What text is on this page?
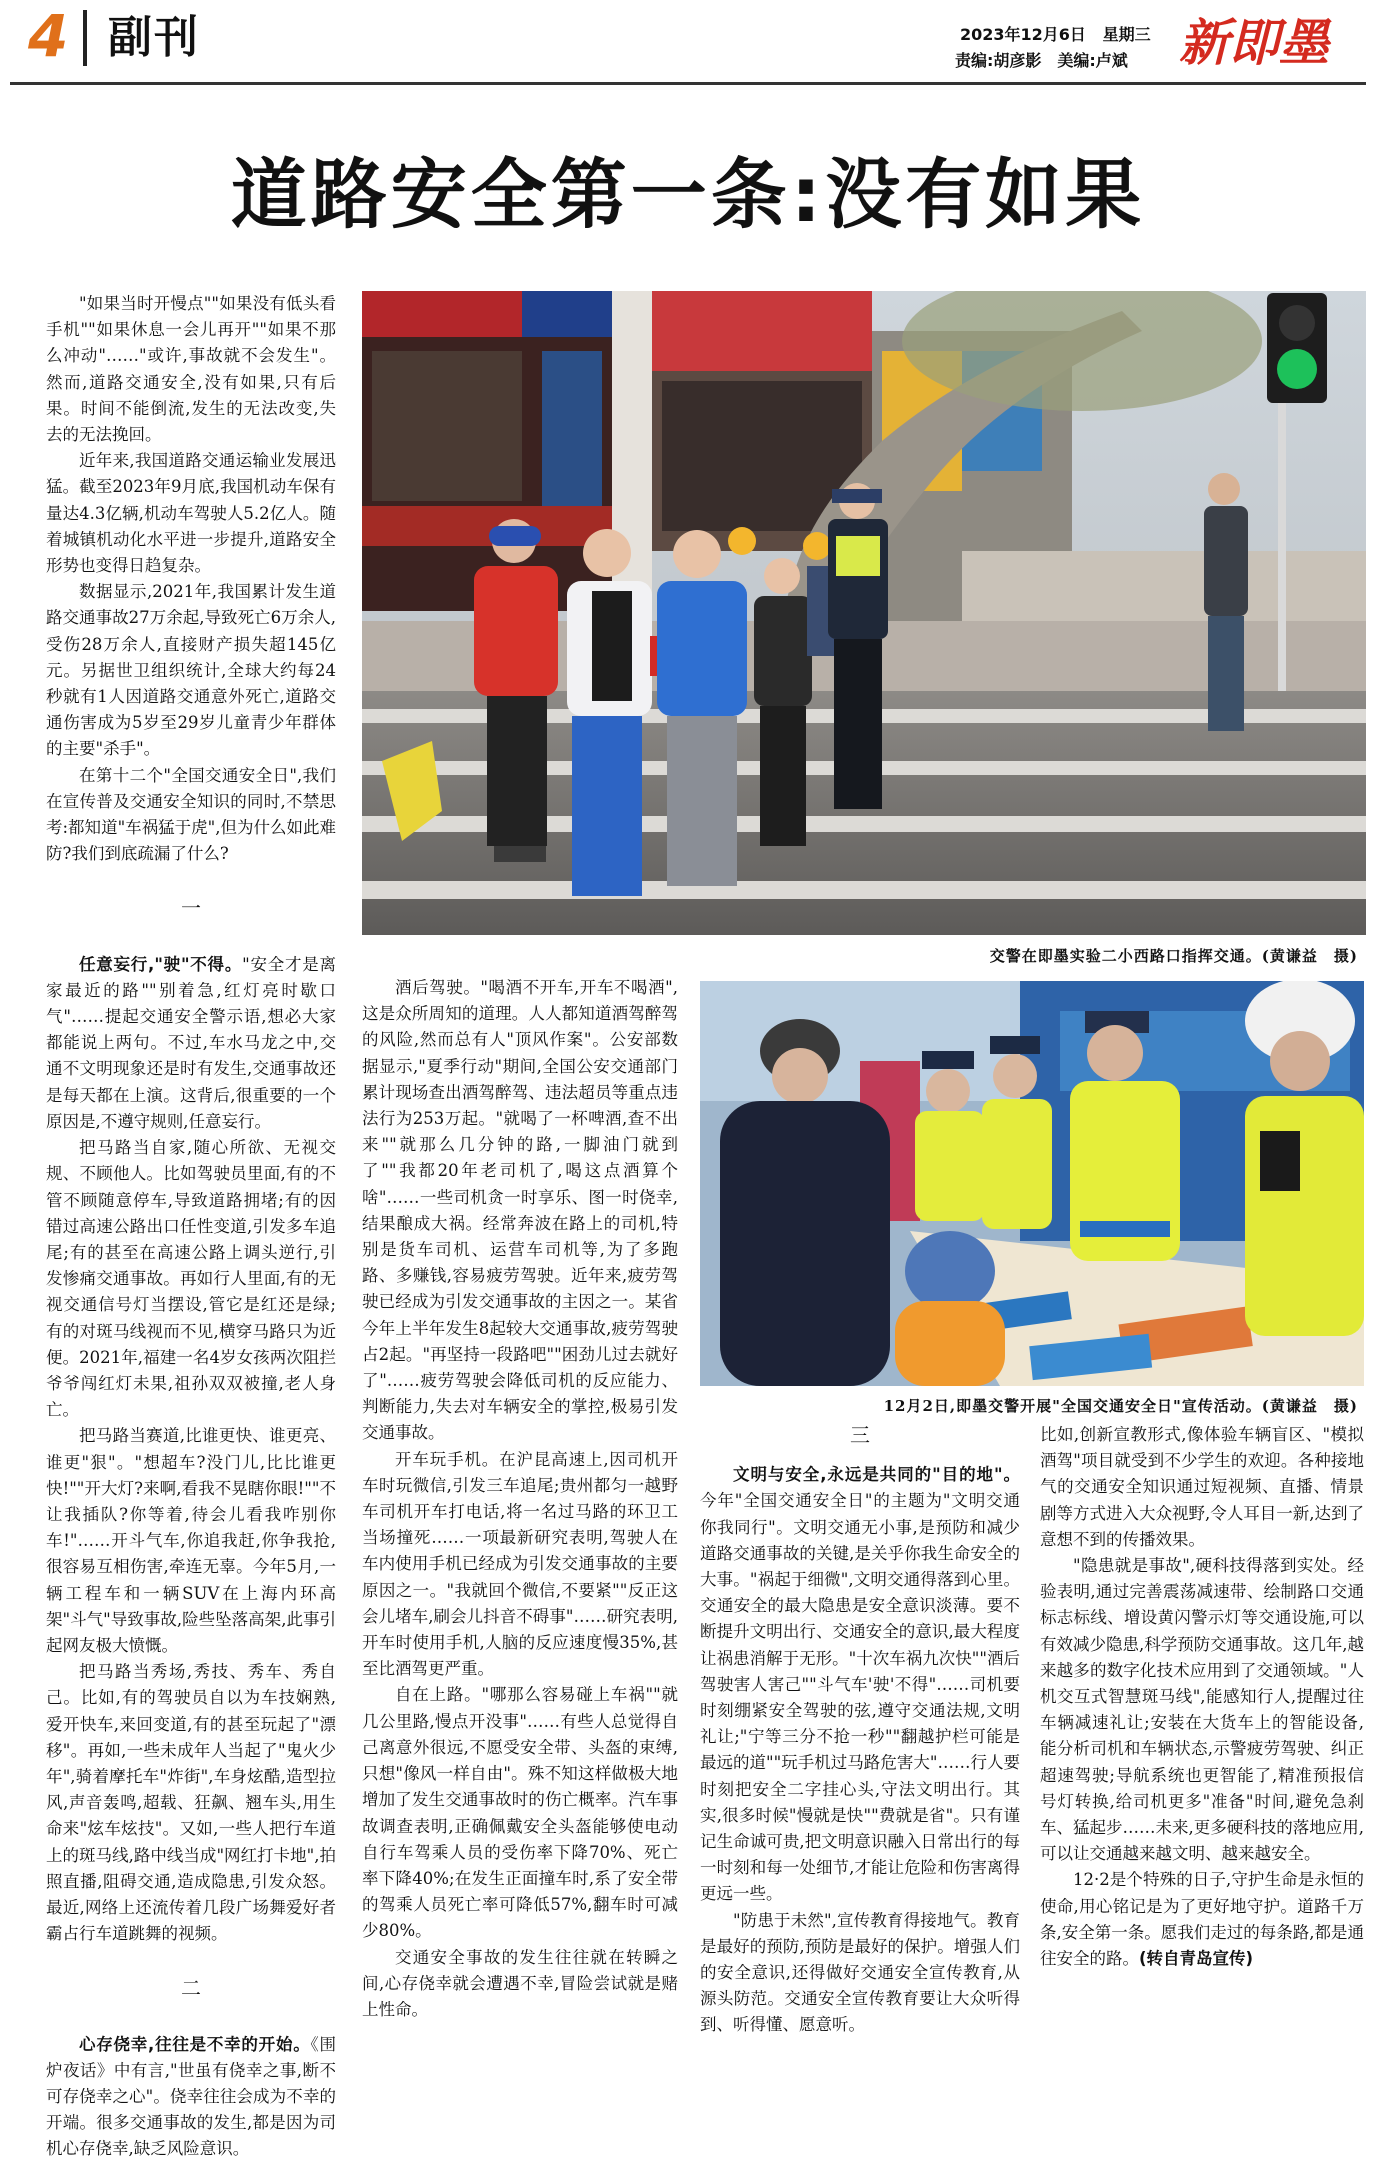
4 副刊	2023年12月6日 星期三
责编:胡彦影　美编:卢斌 新即墨
道路安全第一条:没有如果
交警在即墨实验二小西路口指挥交通。(黄谦益　摄)
12月2日,即墨交警开展"全国交通安全日"宣传活动。(黄谦益　摄)

"如果当时开慢点""如果没有低头看手机""如果休息一会儿再开""如果不那么冲动"……"或许,事故就不会发生"。然而,道路交通安全,没有如果,只有后果。时间不能倒流,发生的无法改变,失去的无法挽回。

近年来,我国道路交通运输业发展迅猛。截至2023年9月底,我国机动车保有量达4.3亿辆,机动车驾驶人5.2亿人。随着城镇机动化水平进一步提升,道路安全形势也变得日趋复杂。

数据显示,2021年,我国累计发生道路交通事故27万余起,导致死亡6万余人,受伤28万余人,直接财产损失超145亿元。另据世卫组织统计,全球大约每24秒就有1人因道路交通意外死亡,道路交通伤害成为5岁至29岁儿童青少年群体的主要"杀手"。

在第十二个"全国交通安全日",我们在宣传普及交通安全知识的同时,不禁思考:都知道"车祸猛于虎",但为什么如此难防?我们到底疏漏了什么?

一

任意妄行,"驶"不得。"安全才是离家最近的路""别着急,红灯亮时歇口气"……提起交通安全警示语,想必大家都能说上两句。不过,车水马龙之中,交通不文明现象还是时有发生,交通事故还是每天都在上演。这背后,很重要的一个原因是,不遵守规则,任意妄行。

把马路当自家,随心所欲、无视交规、不顾他人。比如驾驶员里面,有的不管不顾随意停车,导致道路拥堵;有的因错过高速公路出口任性变道,引发多车追尾;有的甚至在高速公路上调头逆行,引发惨痛交通事故。再如行人里面,有的无视交通信号灯当摆设,管它是红还是绿;有的对斑马线视而不见,横穿马路只为近便。2021年,福建一名4岁女孩两次阻拦爷爷闯红灯未果,祖孙双双被撞,老人身亡。

把马路当赛道,比谁更快、谁更亮、谁更"狠"。"想超车?没门儿,比比谁更快!""开大灯?来啊,看我不晃瞎你眼!""不让我插队?你等着,待会儿看我咋别你车!"……开斗气车,你追我赶,你争我抢,很容易互相伤害,牵连无辜。今年5月,一辆工程车和一辆SUV在上海内环高架"斗气"导致事故,险些坠落高架,此事引起网友极大愤慨。

把马路当秀场,秀技、秀车、秀自己。比如,有的驾驶员自以为车技娴熟,爱开快车,来回变道,有的甚至玩起了"漂移"。再如,一些未成年人当起了"鬼火少年",骑着摩托车"炸街",车身炫酷,造型拉风,声音轰鸣,超载、狂飙、翘车头,用生命来"炫车炫技"。又如,一些人把行车道上的斑马线,路中线当成"网红打卡地",拍照直播,阻碍交通,造成隐患,引发众怒。最近,网络上还流传着几段广场舞爱好者霸占行车道跳舞的视频。

二

心存侥幸,往往是不幸的开始。《围炉夜话》中有言,"世虽有侥幸之事,断不可存侥幸之心"。侥幸往往会成为不幸的开端。很多交通事故的发生,都是因为司机心存侥幸,缺乏风险意识。

酒后驾驶。"喝酒不开车,开车不喝酒",这是众所周知的道理。人人都知道酒驾醉驾的风险,然而总有人"顶风作案"。公安部数据显示,"夏季行动"期间,全国公安交通部门累计现场查出酒驾醉驾、违法超员等重点违法行为253万起。"就喝了一杯啤酒,查不出来""就那么几分钟的路,一脚油门就到了""我都20年老司机了,喝这点酒算个啥"……一些司机贪一时享乐、图一时侥幸,结果酿成大祸。经常奔波在路上的司机,特别是货车司机、运营车司机等,为了多跑路、多赚钱,容易疲劳驾驶。近年来,疲劳驾驶已经成为引发交通事故的主因之一。某省今年上半年发生8起较大交通事故,疲劳驾驶占2起。"再坚持一段路吧""困劲儿过去就好了"……疲劳驾驶会降低司机的反应能力、判断能力,失去对车辆安全的掌控,极易引发交通事故。

开车玩手机。在沪昆高速上,因司机开车时玩微信,引发三车追尾;贵州都匀一越野车司机开车打电话,将一名过马路的环卫工当场撞死……一项最新研究表明,驾驶人在车内使用手机已经成为引发交通事故的主要原因之一。"我就回个微信,不要紧""反正这会儿堵车,刷会儿抖音不碍事"……研究表明,开车时使用手机,人脑的反应速度慢35%,甚至比酒驾更严重。

自在上路。"哪那么容易碰上车祸""就几公里路,慢点开没事"……有些人总觉得自己离意外很远,不愿受安全带、头盔的束缚,只想"像风一样自由"。殊不知这样做极大地增加了发生交通事故时的伤亡概率。汽车事故调查表明,正确佩戴安全头盔能够使电动自行车驾乘人员的受伤率下降70%、死亡率下降40%;在发生正面撞车时,系了安全带的驾乘人员死亡率可降低57%,翻车时可减少80%。

交通安全事故的发生往往就在转瞬之间,心存侥幸就会遭遇不幸,冒险尝试就是赌上性命。

三

文明与安全,永远是共同的"目的地"。今年"全国交通安全日"的主题为"文明交通　你我同行"。文明交通无小事,是预防和减少道路交通事故的关键,是关乎你我生命安全的大事。"祸起于细微",文明交通得落到心里。交通安全的最大隐患是安全意识淡薄。要不断提升文明出行、交通安全的意识,最大程度让祸患消解于无形。"十次车祸九次快""酒后驾驶害人害己""斗气车'驶'不得"……司机要时刻绷紧安全驾驶的弦,遵守交通法规,文明礼让;"宁等三分不抢一秒""翻越护栏可能是最远的道""玩手机过马路危害大"……行人要时刻把安全二字挂心头,守法文明出行。其实,很多时候"慢就是快""费就是省"。只有谨记生命诚可贵,把文明意识融入日常出行的每一时刻和每一处细节,才能让危险和伤害离得更远一些。

"防患于未然",宣传教育得接地气。教育是最好的预防,预防是最好的保护。增强人们的安全意识,还得做好交通安全宣传教育,从源头防范。交通安全宣传教育要让大众听得到、听得懂、愿意听。

比如,创新宣教形式,像体验车辆盲区、"模拟酒驾"项目就受到不少学生的欢迎。各种接地气的交通安全知识通过短视频、直播、情景剧等方式进入大众视野,令人耳目一新,达到了意想不到的传播效果。

"隐患就是事故",硬科技得落到实处。经验表明,通过完善震荡减速带、绘制路口交通标志标线、增设黄闪警示灯等交通设施,可以有效减少隐患,科学预防交通事故。这几年,越来越多的数字化技术应用到了交通领域。"人机交互式智慧斑马线",能感知行人,提醒过往车辆减速礼让;安装在大货车上的智能设备,能分析司机和车辆状态,示警疲劳驾驶、纠正超速驾驶;导航系统也更智能了,精准预报信号灯转换,给司机更多"准备"时间,避免急刹车、猛起步……未来,更多硬科技的落地应用,可以让交通越来越文明、越来越安全。

12·2是个特殊的日子,守护生命是永恒的使命,用心铭记是为了更好地守护。道路千万条,安全第一条。愿我们走过的每条路,都是通往安全的路。(转自青岛宣传)
